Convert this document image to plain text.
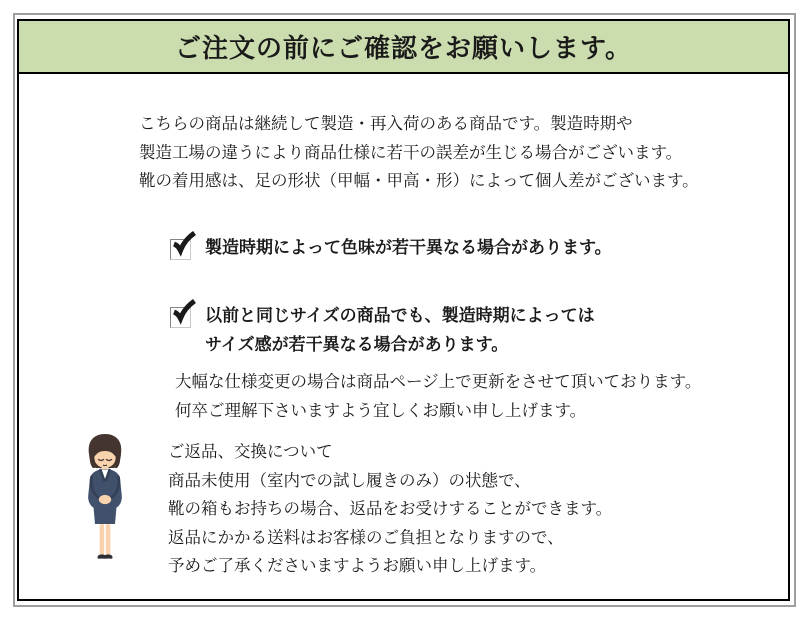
ご注文の前にご確認をお願いします。
こちらの商品は継続して製造・再入荷のある商品です。製造時期や
製造工場の違うにより商品仕様に若干の誤差が生じる場合がございます。
靴の着用感は、足の形状（甲幅・甲高・形）によって個人差がございます。
製造時期によって色味が若干異なる場合があります。
以前と同じサイズの商品でも、製造時期によっては
サイズ感が若干異なる場合があります。
大幅な仕様変更の場合は商品ページ上で更新をさせて頂いております。
何卒ご理解下さいますよう宜しくお願い申し上げます。
ご返品、交換について
商品未使用（室内での試し履きのみ）の状態で、
靴の箱もお持ちの場合、返品をお受けすることができます。
返品にかかる送料はお客様のご負担となりますので、
予めご了承くださいますようお願い申し上げます。
